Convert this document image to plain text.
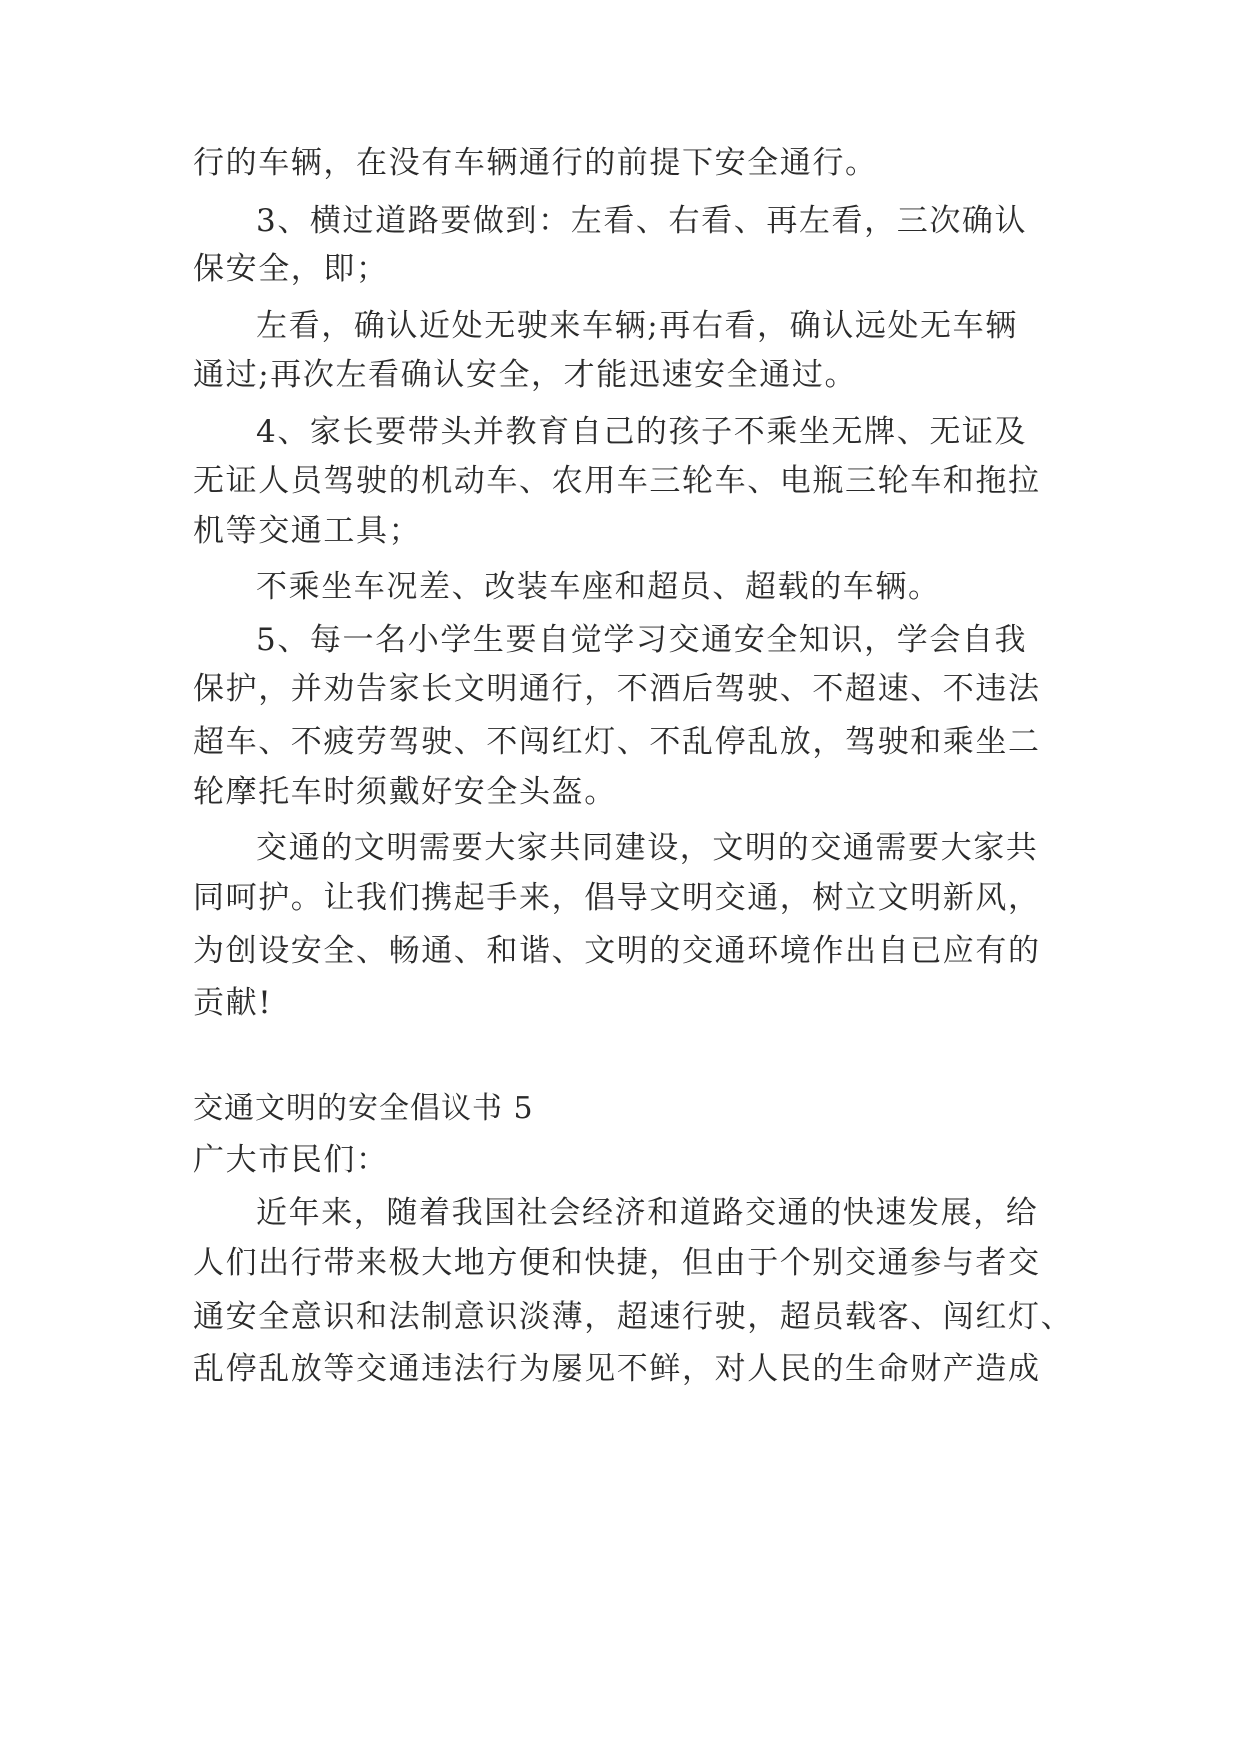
行的车辆，在没有车辆通行的前提下安全通行。
3、横过道路要做到：左看、右看、再左看，三次确认
保安全，即；
左看，确认近处无驶来车辆;再右看，确认远处无车辆
通过;再次左看确认安全，才能迅速安全通过。
4、家长要带头并教育自己的孩子不乘坐无牌、无证及
无证人员驾驶的机动车、农用车三轮车、电瓶三轮车和拖拉
机等交通工具；
不乘坐车况差、改装车座和超员、超载的车辆。
5、每一名小学生要自觉学习交通安全知识，学会自我
保护，并劝告家长文明通行，不酒后驾驶、不超速、不违法
超车、不疲劳驾驶、不闯红灯、不乱停乱放，驾驶和乘坐二
轮摩托车时须戴好安全头盔。
交通的文明需要大家共同建设，文明的交通需要大家共
同呵护。让我们携起手来，倡导文明交通，树立文明新风，
为创设安全、畅通、和谐、文明的交通环境作出自已应有的
贡献!
交通文明的安全倡议书 5
广大市民们：
近年来，随着我国社会经济和道路交通的快速发展，给
人们出行带来极大地方便和快捷，但由于个别交通参与者交
通安全意识和法制意识淡薄，超速行驶，超员载客、闯红灯、
乱停乱放等交通违法行为屡见不鲜，对人民的生命财产造成
